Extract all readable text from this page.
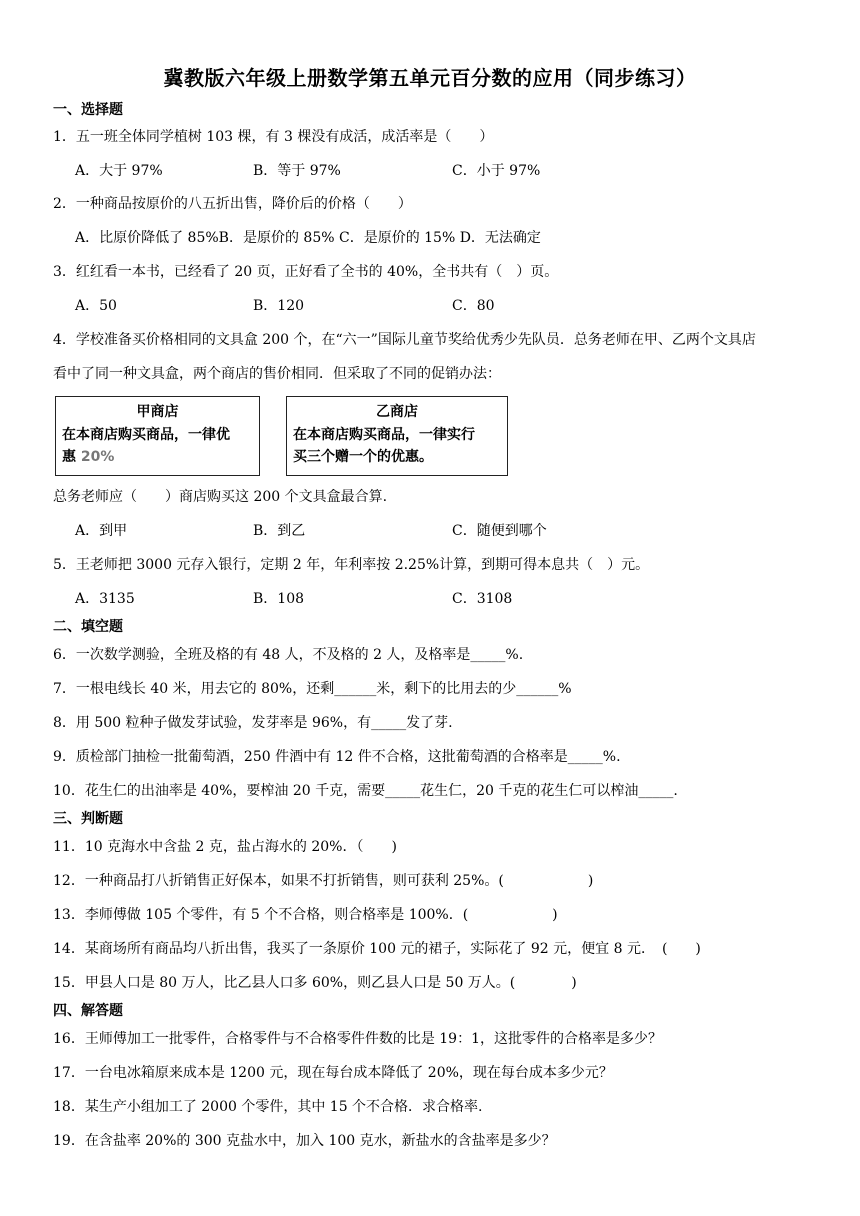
冀教版六年级上册数学第五单元百分数的应用（同步练习）
一、选择题
1．五一班全体同学植树 103 棵，有 3 棵没有成活，成活率是（　　）
A．大于 97%	B．等于 97%	C．小于 97%
2．一种商品按原价的八五折出售，降价后的价格（　　）
A．比原价降低了 85%B．是原价的 85% C．是原价的 15% D．无法确定
3．红红看一本书，已经看了 20 页，正好看了全书的 40%，全书共有（　）页。
A．50	B．120	C．80
4．学校准备买价格相同的文具盒 200 个，在“六一”国际儿童节奖给优秀少先队员．总务老师在甲、乙两个文具店
看中了同一种文具盒，两个商店的售价相同．但采取了不同的促销办法：
甲商店
在本商店购买商品，一律优
惠 20%
乙商店
在本商店购买商品，一律实行
买三个赠一个的优惠。
总务老师应（　　）商店购买这 200 个文具盒最合算.
A．到甲	B．到乙	C．随便到哪个
5．王老师把 3000 元存入银行，定期 2 年，年利率按 2.25%计算，到期可得本息共（　）元。
A．3135	B．108	C．3108
二、填空题
6．一次数学测验，全班及格的有 48 人，不及格的 2 人，及格率是_____%.
7．一根电线长 40 米，用去它的 80%，还剩______米，剩下的比用去的少______%
8．用 500 粒种子做发芽试验，发芽率是 96%，有_____发了芽.
9．质检部门抽检一批葡萄酒，250 件酒中有 12 件不合格，这批葡萄酒的合格率是_____%.
10．花生仁的出油率是 40%，要榨油 20 千克，需要_____花生仁，20 千克的花生仁可以榨油_____.
三、判断题
11．10 克海水中含盐 2 克，盐占海水的 20%．（　　)
12．一种商品打八折销售正好保本，如果不打折销售，则可获利 25%。(　　　　　　)
13．李师傅做 105 个零件，有 5 个不合格，则合格率是 100%．(　　　　　　)
14．某商场所有商品均八折出售，我买了一条原价 100 元的裙子，实际花了 92 元，便宜 8 元．　(　　)
15．甲县人口是 80 万人，比乙县人口多 60%，则乙县人口是 50 万人。(　　　　)
四、解答题
16．王师傅加工一批零件，合格零件与不合格零件件数的比是 19：1，这批零件的合格率是多少？
17．一台电冰箱原来成本是 1200 元，现在每台成本降低了 20%，现在每台成本多少元？
18．某生产小组加工了 2000 个零件，其中 15 个不合格．求合格率.
19．在含盐率 20%的 300 克盐水中，加入 100 克水，新盐水的含盐率是多少？
